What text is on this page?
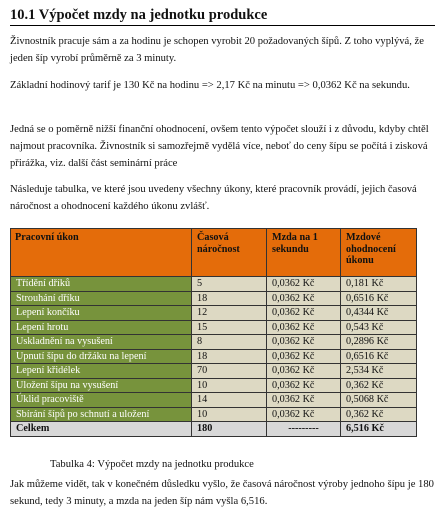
10.1 Výpočet mzdy na jednotku produkce

Živnostník pracuje sám a za hodinu je schopen vyrobit 20 požadovaných šípů. Z toho vyplývá, že jeden šíp vyrobí průměrně za 3 minuty.

Základní hodinový tarif je 130 Kč na hodinu => 2,17 Kč na minutu => 0,0362 Kč na sekundu.

Jedná se o poměrně nižší finanční ohodnocení, ovšem tento výpočet slouží i z důvodu, kdyby chtěl najmout pracovníka. Živnostník si samozřejmě vydělá více, neboť do ceny šípu se počítá i zisková přirážka, viz. další část seminární práce

Následuje tabulka, ve které jsou uvedeny všechny úkony, které pracovník provádí, jejich časová náročnost a ohodnocení každého úkonu zvlášť.

Pracovní úkon	Časová náročnost	Mzda na 1 sekundu	Mzdové ohodnocení úkonu
Třídění dříků	5	0,0362 Kč	0,181 Kč
Strouhání dříku	18	0,0362 Kč	0,6516 Kč
Lepení končíku	12	0,0362 Kč	0,4344 Kč
Lepení hrotu	15	0,0362 Kč	0,543 Kč
Uskladnění na vysušení	8	0,0362 Kč	0,2896 Kč
Upnutí šípu do držáku na lepení	18	0,0362 Kč	0,6516 Kč
Lepení křidélek	70	0,0362 Kč	2,534 Kč
Uložení šípu na vysušení	10	0,0362 Kč	0,362 Kč
Úklid pracoviště	14	0,0362 Kč	0,5068 Kč
Sbírání šípů po schnutí a uložení	10	0,0362 Kč	0,362 Kč
Celkem	180	---------	6,516 Kč
Tabulka 4: Výpočet mzdy na jednotku produkce

Jak můžeme vidět, tak v konečném důsledku vyšlo, že časová náročnost výroby jednoho šípu je 180 sekund, tedy 3 minuty, a mzda na jeden šíp nám vyšla 6,516.
